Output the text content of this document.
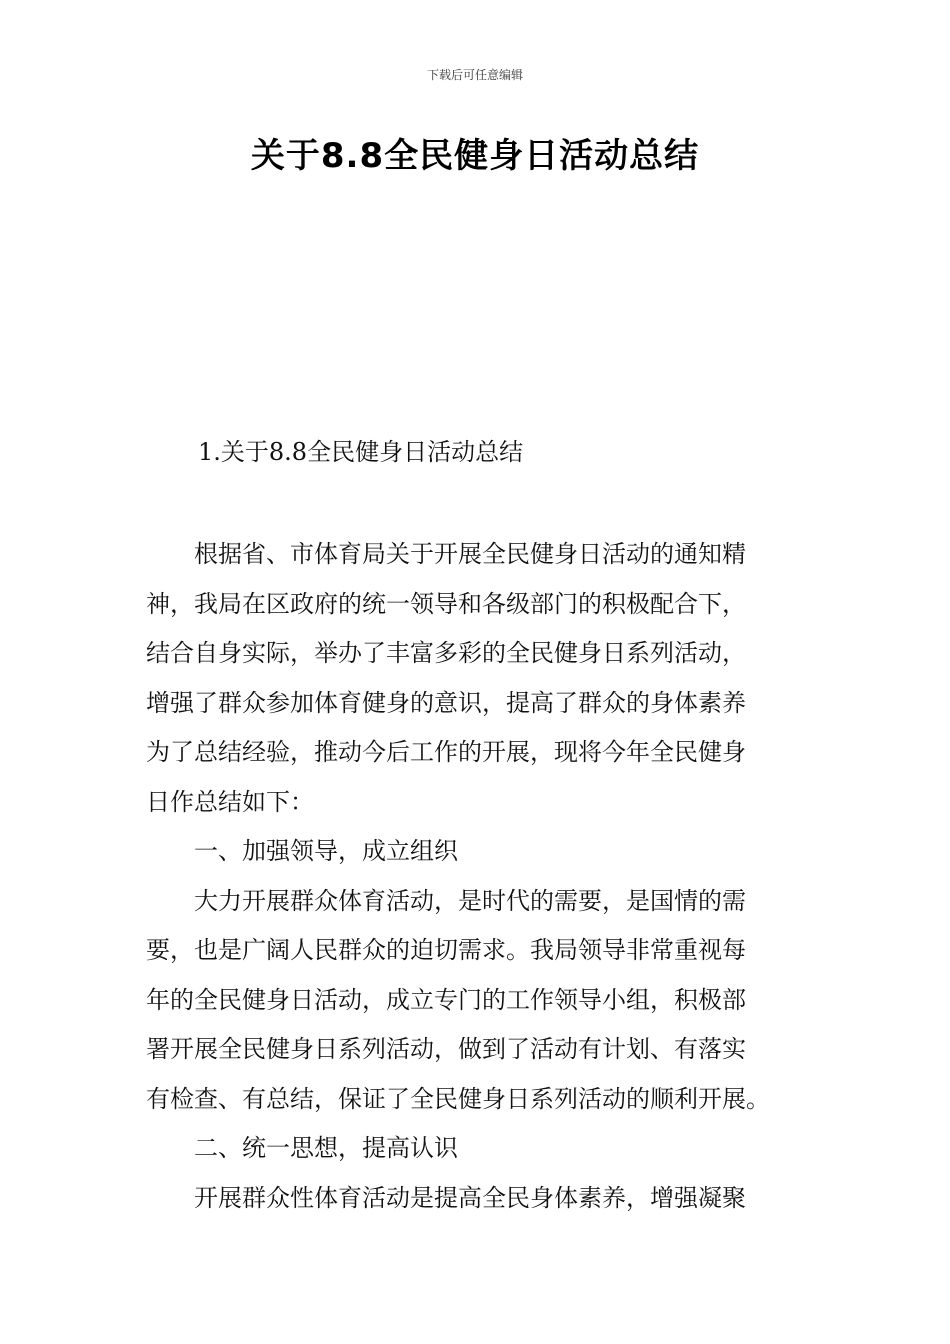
下载后可任意编辑
关于8.8全民健身日活动总结
1.关于8.8全民健身日活动总结

根据省、市体育局关于开展全民健身日活动的通知精
神，我局在区政府的统一领导和各级部门的积极配合下，
结合自身实际，举办了丰富多彩的全民健身日系列活动，
增强了群众参加体育健身的意识，提高了群众的身体素养
为了总结经验，推动今后工作的开展，现将今年全民健身
日作总结如下：

一、加强领导，成立组织

大力开展群众体育活动，是时代的需要，是国情的需
要，也是广阔人民群众的迫切需求。我局领导非常重视每
年的全民健身日活动，成立专门的工作领导小组，积极部
署开展全民健身日系列活动，做到了活动有计划、有落实
有检查、有总结，保证了全民健身日系列活动的顺利开展。

二、统一思想，提高认识

开展群众性体育活动是提高全民身体素养，增强凝聚
